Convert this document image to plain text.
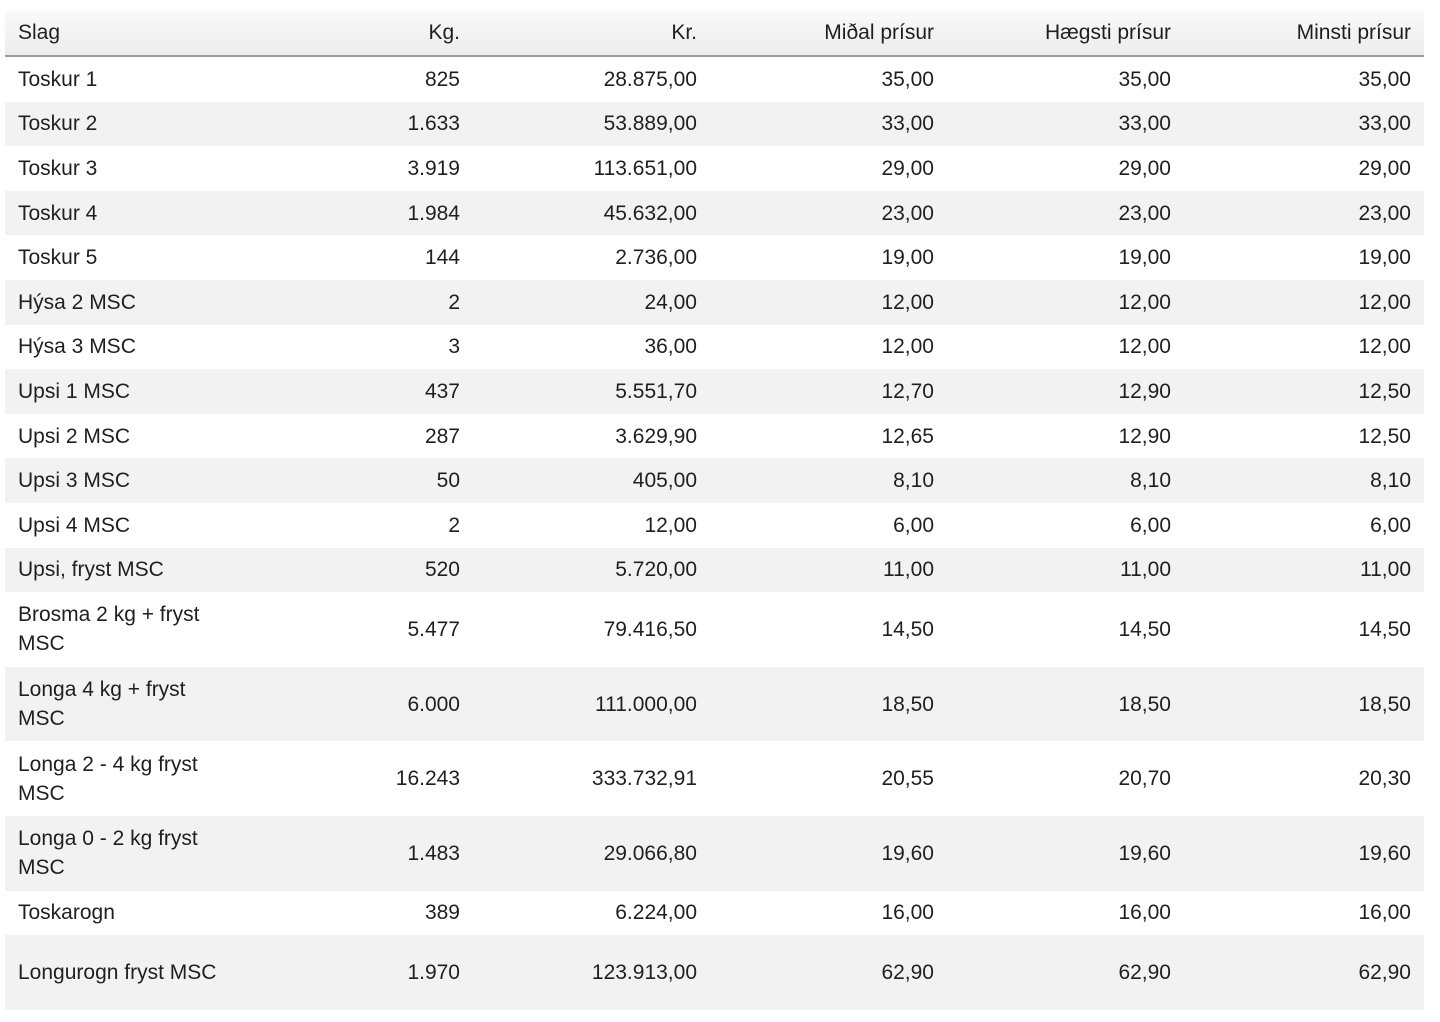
Slag	Kg.	Kr.	Miðal prísur	Hægsti prísur	Minsti prísur
Toskur 1	825	28.875,00	35,00	35,00	35,00
Toskur 2	1.633	53.889,00	33,00	33,00	33,00
Toskur 3	3.919	113.651,00	29,00	29,00	29,00
Toskur 4	1.984	45.632,00	23,00	23,00	23,00
Toskur 5	144	2.736,00	19,00	19,00	19,00
Hýsa 2 MSC	2	24,00	12,00	12,00	12,00
Hýsa 3 MSC	3	36,00	12,00	12,00	12,00
Upsi 1 MSC	437	5.551,70	12,70	12,90	12,50
Upsi 2 MSC	287	3.629,90	12,65	12,90	12,50
Upsi 3 MSC	50	405,00	8,10	8,10	8,10
Upsi 4 MSC	2	12,00	6,00	6,00	6,00
Upsi, fryst MSC	520	5.720,00	11,00	11,00	11,00
Brosma 2 kg + fryst MSC	5.477	79.416,50	14,50	14,50	14,50
Longa 4 kg + fryst MSC	6.000	111.000,00	18,50	18,50	18,50
Longa 2 - 4 kg fryst MSC	16.243	333.732,91	20,55	20,70	20,30
Longa 0 - 2 kg fryst MSC	1.483	29.066,80	19,60	19,60	19,60
Toskarogn	389	6.224,00	16,00	16,00	16,00
Longurogn fryst MSC	1.970	123.913,00	62,90	62,90	62,90
